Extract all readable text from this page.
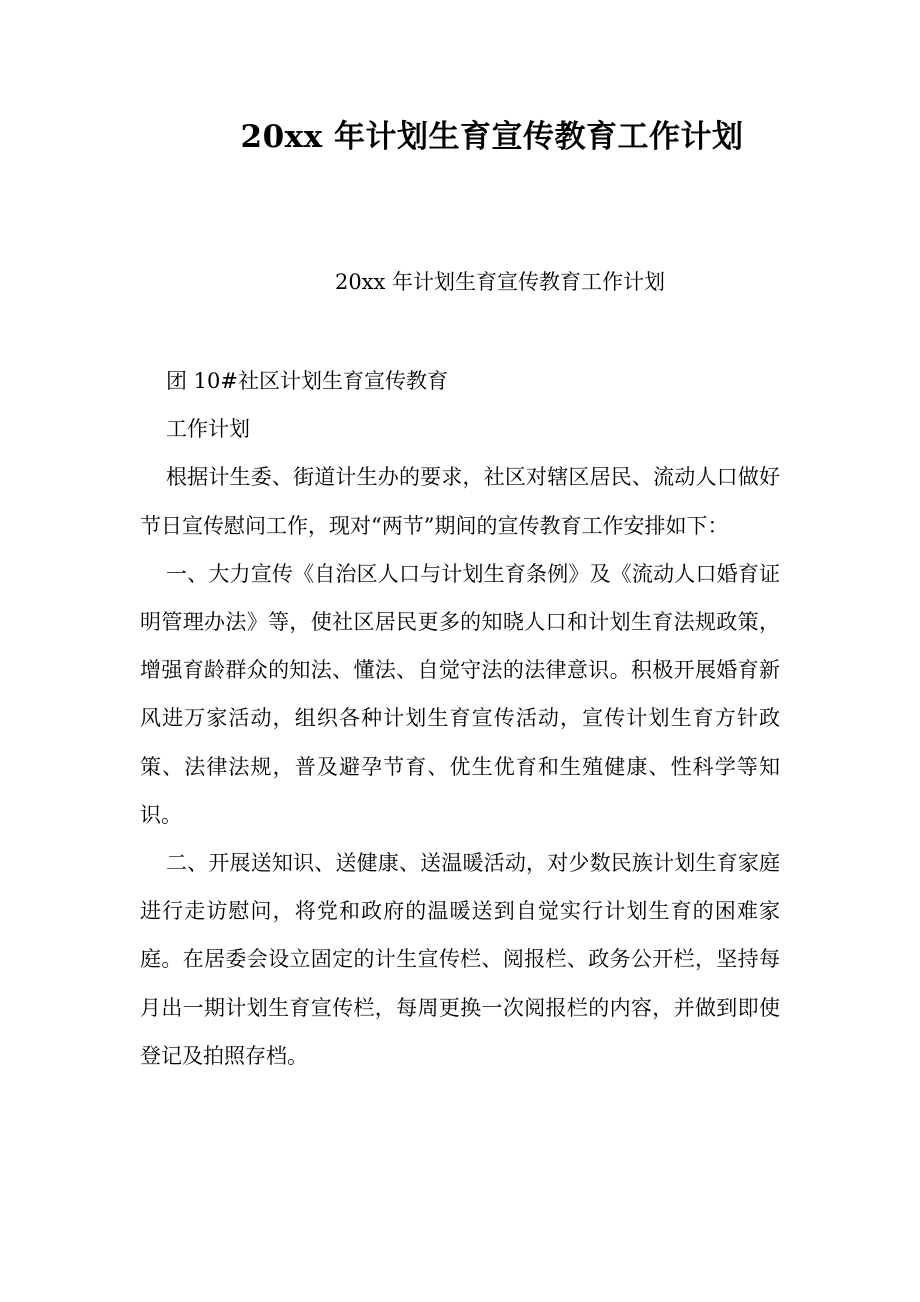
20xx 年计划生育宣传教育工作计划
20xx 年计划生育宣传教育工作计划

团 10#社区计划生育宣传教育

工作计划

根据计生委、街道计生办的要求，社区对辖区居民、流动人口做好节日宣传慰问工作，现对“两节”期间的宣传教育工作安排如下：

一、大力宣传《自治区人口与计划生育条例》及《流动人口婚育证明管理办法》等，使社区居民更多的知晓人口和计划生育法规政策，增强育龄群众的知法、懂法、自觉守法的法律意识。积极开展婚育新风进万家活动，组织各种计划生育宣传活动，宣传计划生育方针政策、法律法规，普及避孕节育、优生优育和生殖健康、性科学等知识。

二、开展送知识、送健康、送温暖活动，对少数民族计划生育家庭进行走访慰问，将党和政府的温暖送到自觉实行计划生育的困难家庭。在居委会设立固定的计生宣传栏、阅报栏、政务公开栏，坚持每月出一期计划生育宣传栏，每周更换一次阅报栏的内容，并做到即使登记及拍照存档。
